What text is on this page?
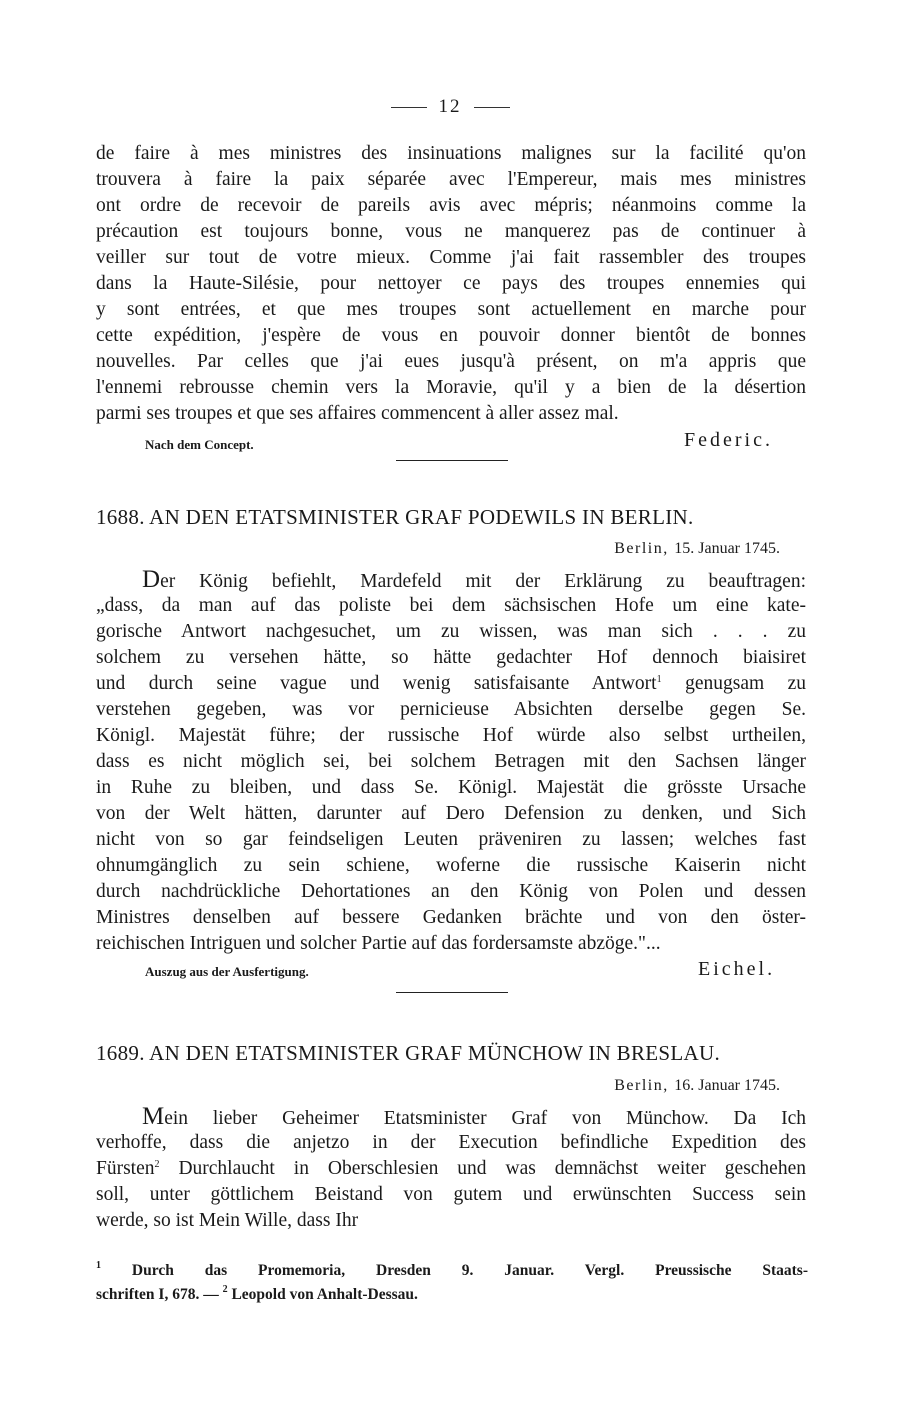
12
de faire à mes ministres des insinuations malignes sur la facilité qu'on
trouvera à faire la paix séparée avec l'Empereur, mais mes ministres
ont ordre de recevoir de pareils avis avec mépris; néanmoins comme la
précaution est toujours bonne, vous ne manquerez pas de continuer à
veiller sur tout de votre mieux. Comme j'ai fait rassembler des troupes
dans la Haute-Silésie, pour nettoyer ce pays des troupes ennemies qui
y sont entrées, et que mes troupes sont actuellement en marche pour
cette expédition, j'espère de vous en pouvoir donner bientôt de bonnes
nouvelles. Par celles que j'ai eues jusqu'à présent, on m'a appris que
l'ennemi rebrousse chemin vers la Moravie, qu'il y a bien de la désertion
parmi ses troupes et que ses affaires commencent à aller assez mal.
Nach dem Concept.	Federic.
1688. AN DEN ETATSMINISTER GRAF PODEWILS IN BERLIN.
Berlin, 15. Januar 1745.
Der König befiehlt, Mardefeld mit der Erklärung zu beauftragen:
„dass, da man auf das poliste bei dem sächsischen Hofe um eine kate-
gorische Antwort nachgesuchet, um zu wissen, was man sich . . . zu
solchem zu versehen hätte, so hätte gedachter Hof dennoch biaisiret
und durch seine vague und wenig satisfaisante Antwort$^1$ genugsam zu
verstehen gegeben, was vor pernicieuse Absichten derselbe gegen Se.
Königl. Majestät führe; der russische Hof würde also selbst urtheilen,
dass es nicht möglich sei, bei solchem Betragen mit den Sachsen länger
in Ruhe zu bleiben, und dass Se. Königl. Majestät die grösste Ursache
von der Welt hätten, darunter auf Dero Defension zu denken, und Sich
nicht von so gar feindseligen Leuten präveniren zu lassen; welches fast
ohnumgänglich zu sein schiene, woferne die russische Kaiserin nicht
durch nachdrückliche Dehortationes an den König von Polen und dessen
Ministres denselben auf bessere Gedanken brächte und von den öster-
reichischen Intriguen und solcher Partie auf das fordersamste abzöge."...
Auszug aus der Ausfertigung.	Eichel.
1689. AN DEN ETATSMINISTER GRAF MÜNCHOW IN BRESLAU.
Berlin, 16. Januar 1745.
Mein lieber Geheimer Etatsminister Graf von Münchow. Da Ich
verhoffe, dass die anjetzo in der Execution befindliche Expedition des
Fürsten$^2$ Durchlaucht in Oberschlesien und was demnächst weiter geschehen
soll, unter göttlichem Beistand von gutem und erwünschten Success sein
werde, so ist Mein Wille, dass Ihr
$^1$ Durch das Promemoria, Dresden 9. Januar. Vergl. Preussische Staats-
schriften I, 678. — $^2$ Leopold von Anhalt-Dessau.
